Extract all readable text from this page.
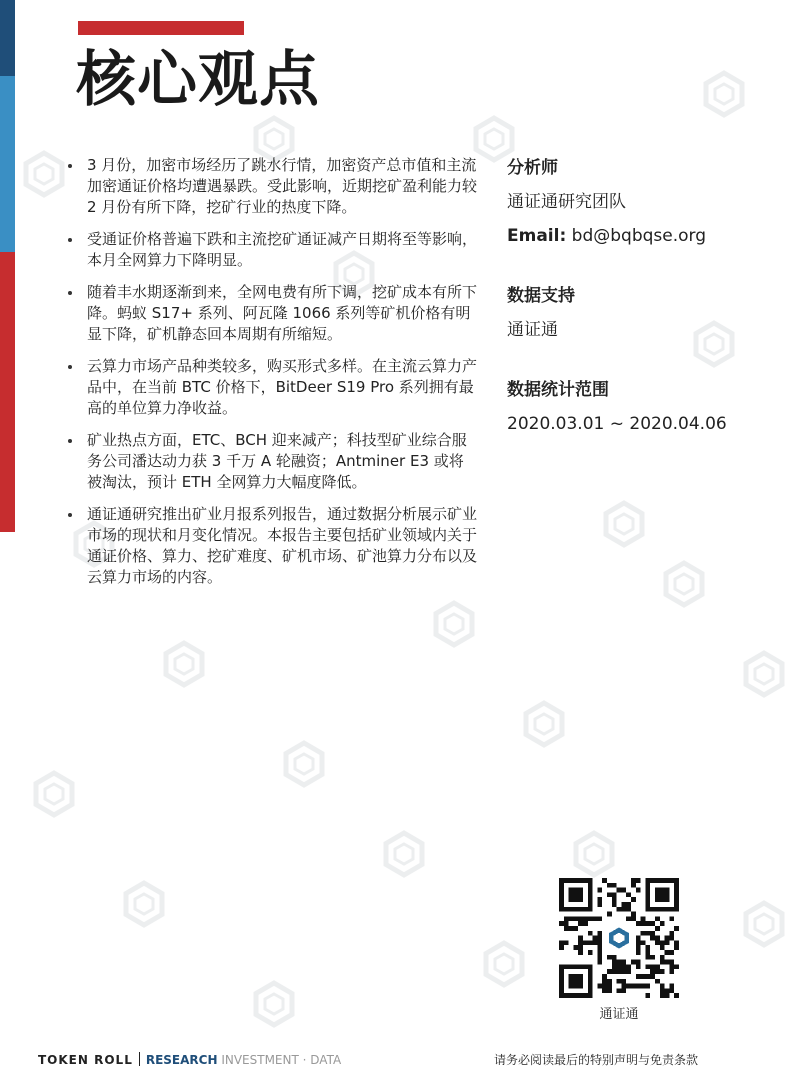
核心观点
3 月份，加密市场经历了跳水行情，加密资产总市值和主流加密通证价格均遭遇暴跌。受此影响，近期挖矿盈利能力较 2 月份有所下降，挖矿行业的热度下降。
受通证价格普遍下跌和主流挖矿通证减产日期将至等影响，本月全网算力下降明显。
随着丰水期逐渐到来，全网电费有所下调，挖矿成本有所下降。蚂蚁 S17+ 系列、阿瓦隆 1066 系列等矿机价格有明显下降，矿机静态回本周期有所缩短。
云算力市场产品种类较多，购买形式多样。在主流云算力产品中，在当前 BTC 价格下，BitDeer S19 Pro 系列拥有最高的单位算力净收益。
矿业热点方面，ETC、BCH 迎来减产；科技型矿业综合服务公司潘达动力获 3 千万 A 轮融资；Antminer E3 或将被淘汰，预计 ETH 全网算力大幅度降低。
通证通研究推出矿业月报系列报告，通过数据分析展示矿业市场的现状和月变化情况。本报告主要包括矿业领域内关于通证价格、算力、挖矿难度、矿机市场、矿池算力分布以及云算力市场的内容。

分析师

通证通研究团队

Email: bd@bqbqse.org

数据支持

通证通

数据统计范围

2020.03.01 ~ 2020.04.06

通证通
TOKEN ROLL RESEARCH INVESTMENT · DATA	请务必阅读最后的特别声明与免责条款
